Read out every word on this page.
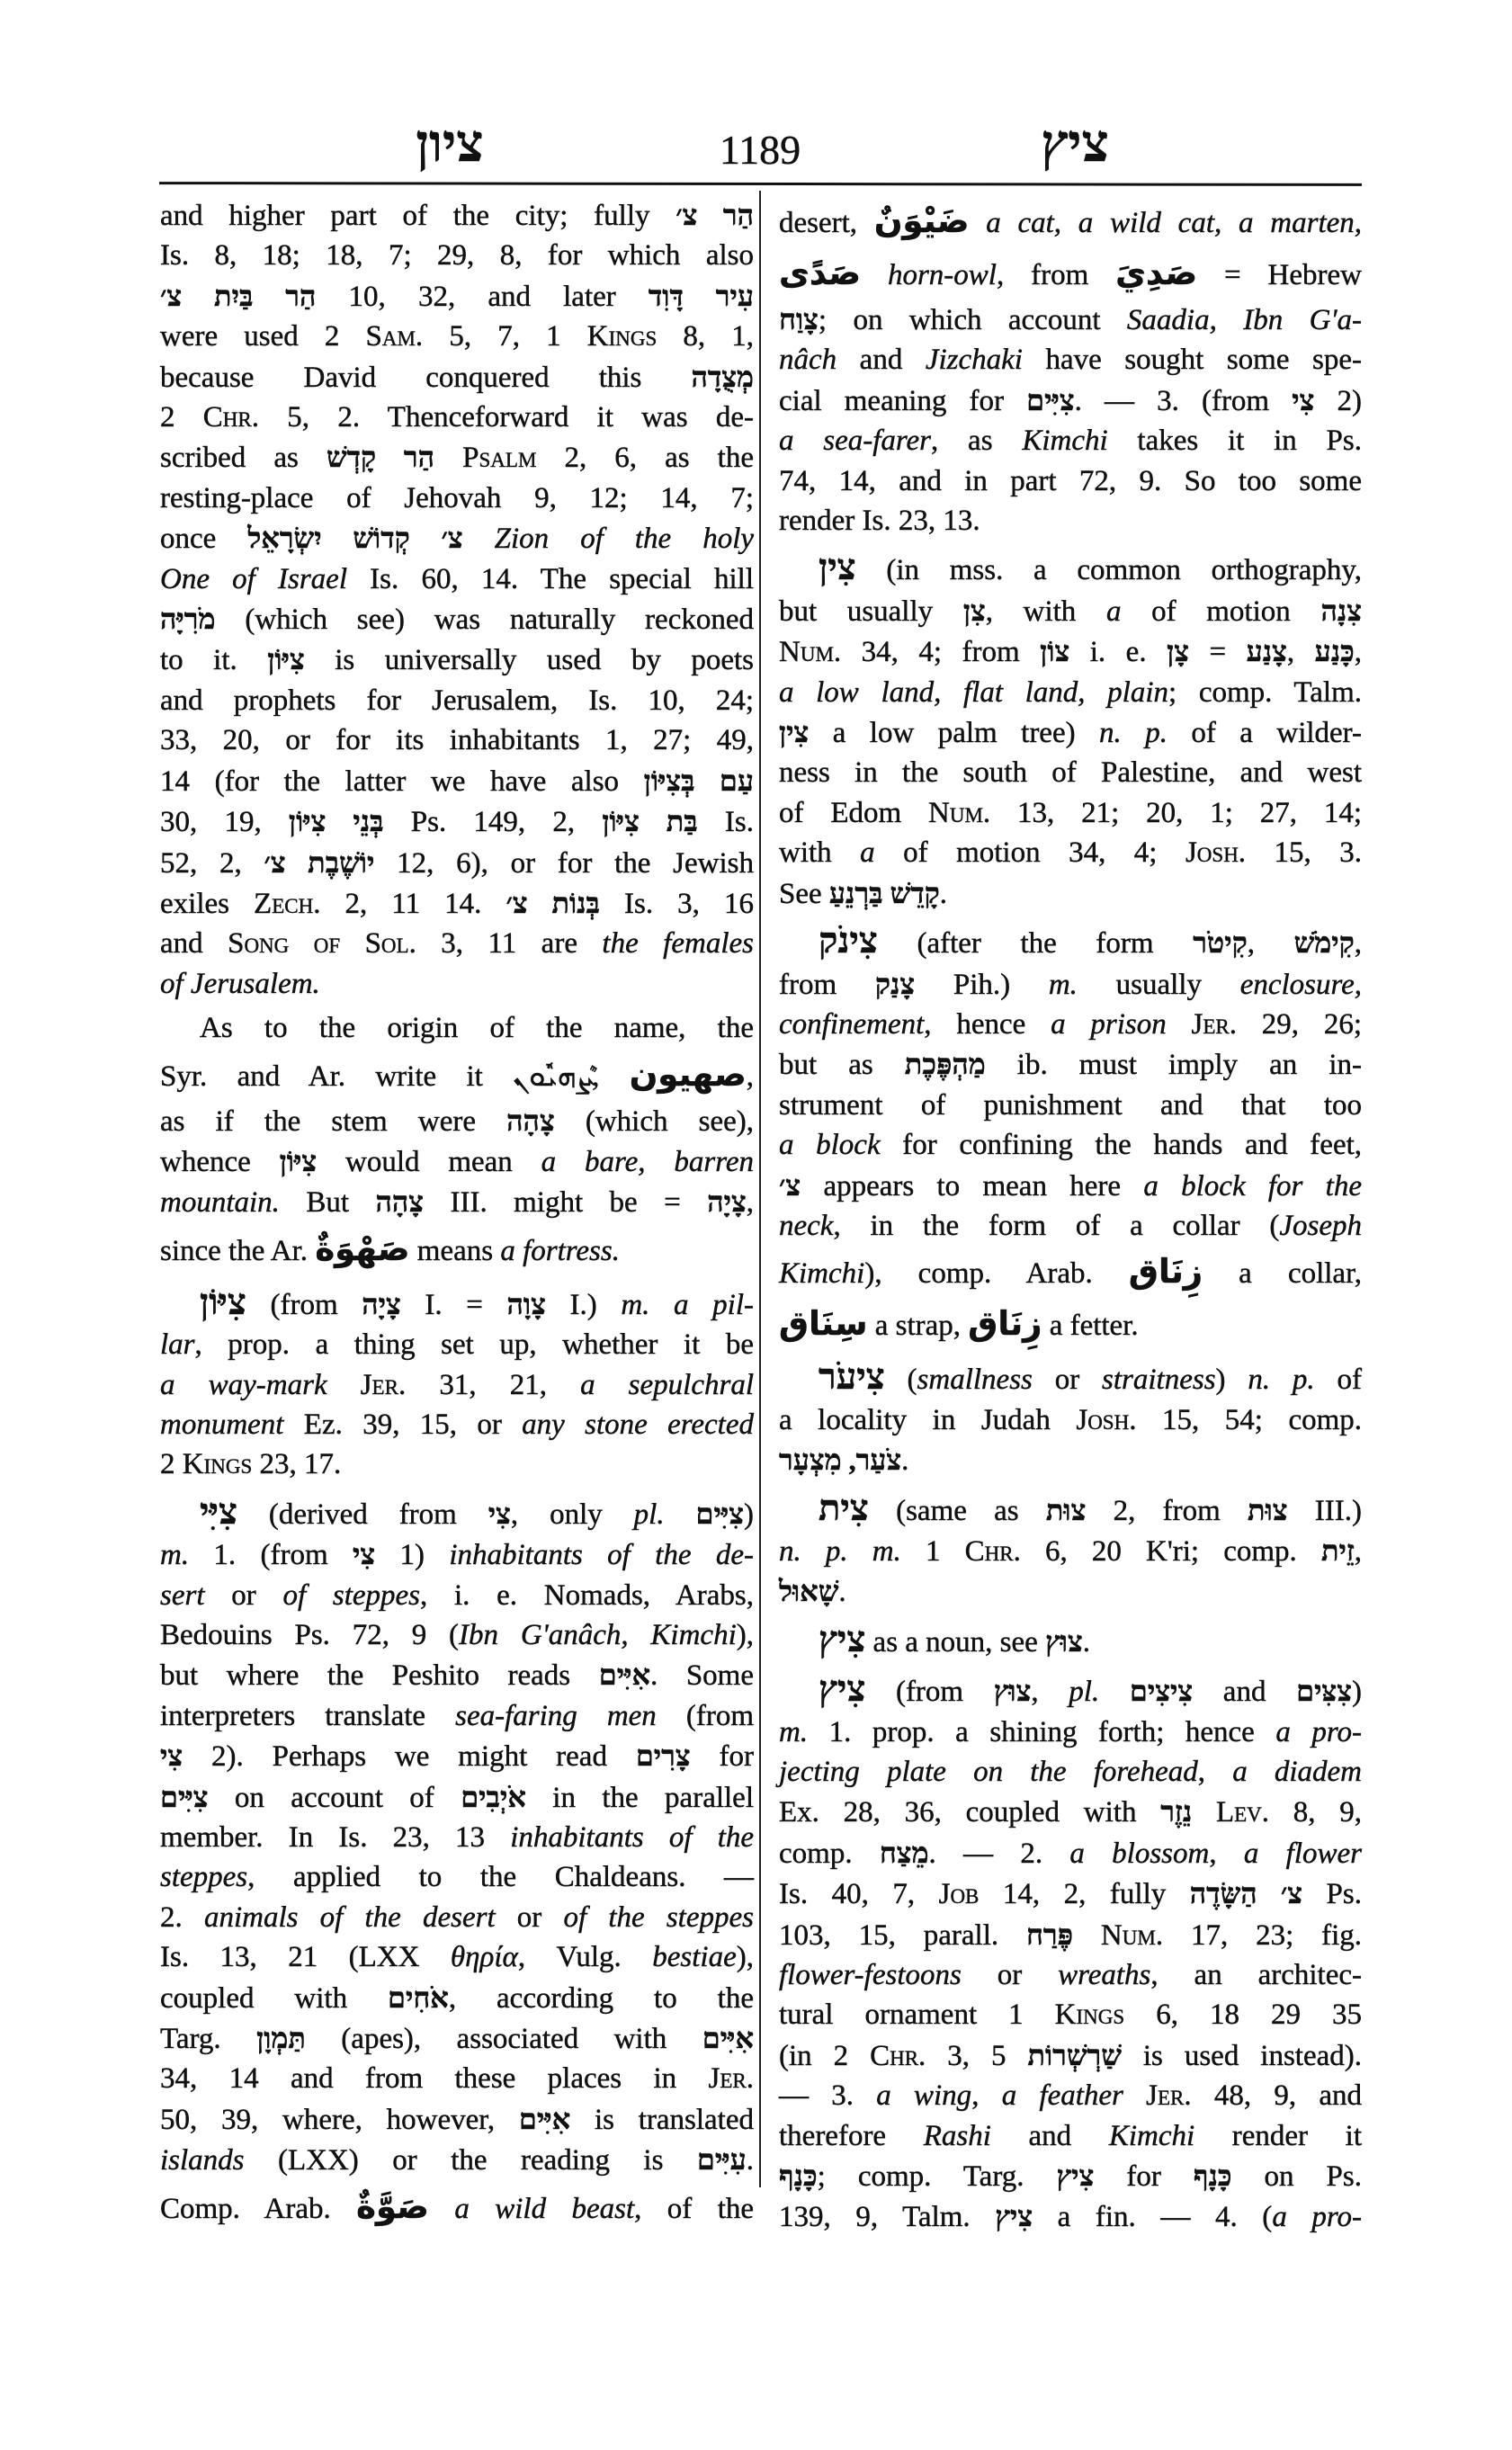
ציון	1189	ציץ
and higher part of the city; fully הַר צ׳
Is. 8, 18; 18, 7; 29, 8, for which also
הַר בַּיִת צ׳ 10, 32, and later עִיר דָּוִד
were used 2 Sam. 5, 7, 1 Kings 8, 1,
because David conquered this מְצֻדָה
2 Chr. 5, 2. Thenceforward it was de-
scribed as הַר קָדְשׁ Psalm 2, 6, as the
resting-place of Jehovah 9, 12; 14, 7;
once צ׳ קְדוֹשׁ יִשְׂרָאֵל Zion of the holy
One of Israel Is. 60, 14. The special hill
מֹרִיָּה (which see) was naturally reckoned
to it. צִיּוֹן is universally used by poets
and prophets for Jerusalem, Is. 10, 24;
33, 20, or for its inhabitants 1, 27; 49,
14 (for the latter we have also עַם בְּצִיּוֹן
30, 19, בְּנֵי צִיּוֹן Ps. 149, 2, בַּת צִיּוֹן Is.
52, 2, יוֹשֶׁבֶת צ׳ 12, 6), or for the Jewish
exiles Zech. 2, 11 14. בְּנוֹת צ׳ Is. 3, 16
and Song of Sol. 3, 11 are the females
of Jerusalem.
As to the origin of the name, the
Syr. and Ar. write it ܨܶܗܝܽܘܢ, صهيون,
as if the stem were צָהָה (which see),
whence צִיּוֹן would mean a bare, barren
mountain. But צָהָה III. might be = צָיָה,
since the Ar. صَهْوَةٌ means a fortress.
צִיּוֹן (from צָיָה I. = צָוָה I.) m. a pil-
lar, prop. a thing set up, whether it be
a way-mark Jer. 31, 21, a sepulchral
monument Ez. 39, 15, or any stone erected
2 Kings 23, 17.
צִיִּי (derived from צִי, only pl. צִיִּים)
m. 1. (from צִי 1) inhabitants of the de-
sert or of steppes, i. e. Nomads, Arabs,
Bedouins Ps. 72, 9 (Ibn G'anâch, Kimchi),
but where the Peshito reads אִיִּים. Some
interpreters translate sea-faring men (from
צִי 2). Perhaps we might read צָרִים for
צִיִּים on account of אֹיְבִים in the parallel
member. In Is. 23, 13 inhabitants of the
steppes, applied to the Chaldeans. —
2. animals of the desert or of the steppes
Is. 13, 21 (LXX θηρία, Vulg. bestiae),
coupled with אֹחִים, according to the
Targ. תַּמְוָן (apes), associated with אִיִּים
34, 14 and from these places in Jer.
50, 39, where, however, אִיִּים is translated
islands (LXX) or the reading is עִיִּים.
Comp. Arab. صَوَّةٌ a wild beast, of the
desert, ضَيْوَنٌ a cat, a wild cat, a marten,
صَدًى horn-owl, from صَدِيَ = Hebrew
צָוַח; on which account Saadia, Ibn G'a-
nâch and Jizchaki have sought some spe-
cial meaning for צִיִּים. — 3. (from צִי 2)
a sea-farer, as Kimchi takes it in Ps.
74, 14, and in part 72, 9. So too some
render Is. 23, 13.
צִין (in mss. a common orthography,
but usually צִן, with a of motion צִנָה
Num. 34, 4; from צוֹן i. e. צָן = צָנַע, כָּנַע,
a low land, flat land, plain; comp. Talm.
צִין a low palm tree) n. p. of a wilder-
ness in the south of Palestine, and west
of Edom Num. 13, 21; 20, 1; 27, 14;
with a of motion 34, 4; Josh. 15, 3.
See קָדֵשׁ בַּרְנֵעַ.
צִינֹק (after the form קִיטֹר, קִימֹשׁ,
from צָנַק Pih.) m. usually enclosure,
confinement, hence a prison Jer. 29, 26;
but as מַהְפֶּכֶת ib. must imply an in-
strument of punishment and that too
a block for confining the hands and feet,
צ׳ appears to mean here a block for the
neck, in the form of a collar (Joseph
Kimchi), comp. Arab. زِنَاق a collar,
سِنَاق a strap, زِنَاق a fetter.
צִיעֹר (smallness or straitness) n. p. of
a locality in Judah Josh. 15, 54; comp.
צֹעַר, מִצְעָר.
צִית (same as צוּת 2, from צוּת III.)
n. p. m. 1 Chr. 6, 20 K'ri; comp. זֵית,
שָׁאוּל.
צִיץ as a noun, see צוּץ.
צִיץ (from צוּץ, pl. צִיצִים and צִצִּים)
m. 1. prop. a shining forth; hence a pro-
jecting plate on the forehead, a diadem
Ex. 28, 36, coupled with נֵזֶר Lev. 8, 9,
comp. מֵצַח. — 2. a blossom, a flower
Is. 40, 7, Job 14, 2, fully צ׳ הַשָּׂדֶה Ps.
103, 15, parall. פֶּרַח Num. 17, 23; fig.
flower-festoons or wreaths, an architec-
tural ornament 1 Kings 6, 18 29 35
(in 2 Chr. 3, 5 שַׁרְשְׁרוֹת is used instead).
— 3. a wing, a feather Jer. 48, 9, and
therefore Rashi and Kimchi render it
כָּנָף; comp. Targ. צִיץ for כָּנָף on Ps.
139, 9, Talm. צִיץ a fin. — 4. (a pro-
